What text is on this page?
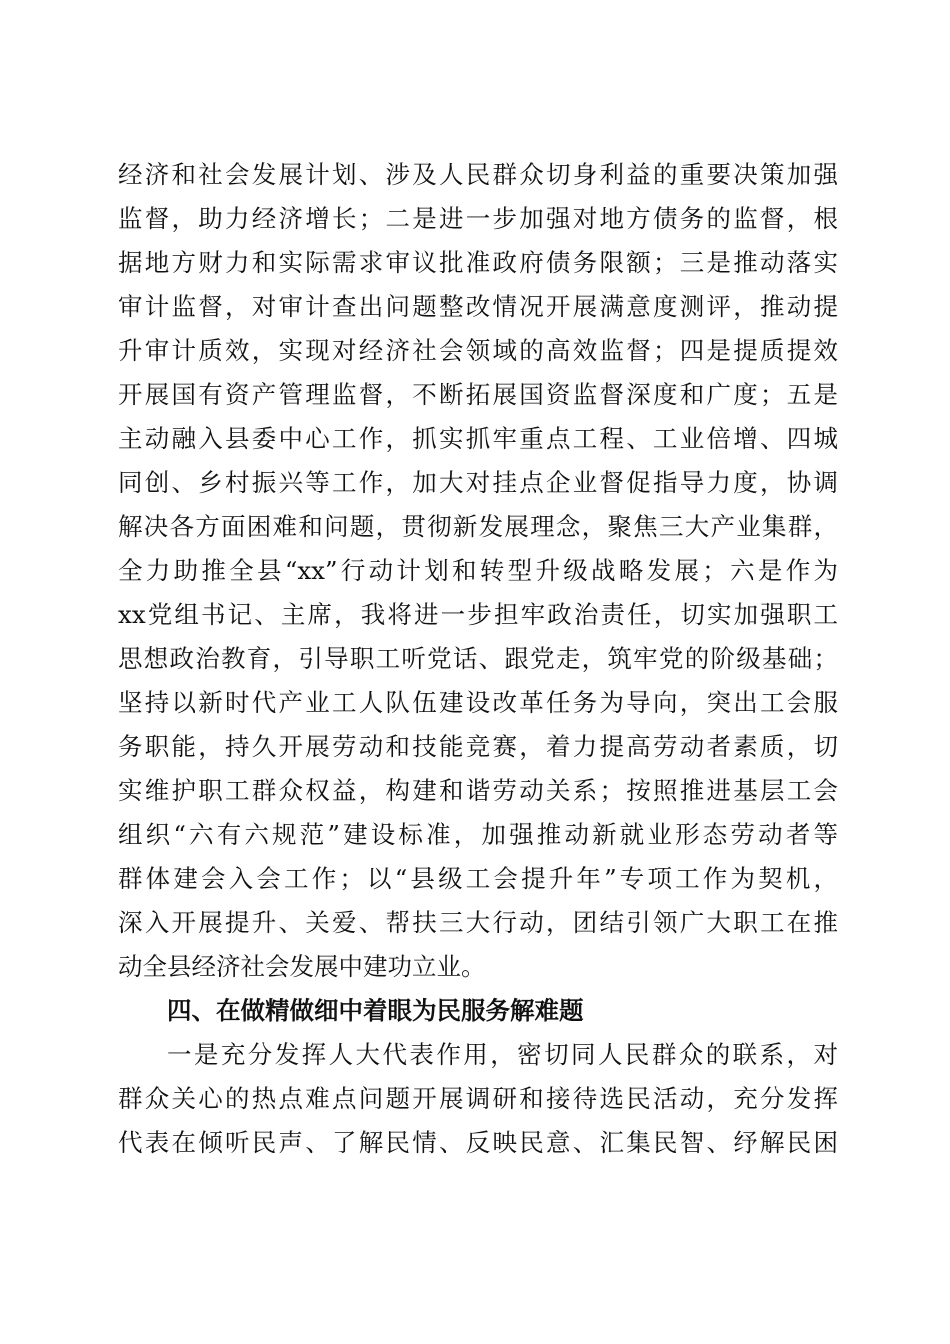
经济和社会发展计划、涉及人民群众切身利益的重要决策加强
监督，助力经济增长；二是进一步加强对地方债务的监督，根
据地方财力和实际需求审议批准政府债务限额；三是推动落实
审计监督，对审计查出问题整改情况开展满意度测评，推动提
升审计质效，实现对经济社会领域的高效监督；四是提质提效
开展国有资产管理监督，不断拓展国资监督深度和广度；五是
主动融入县委中心工作，抓实抓牢重点工程、工业倍增、四城
同创、乡村振兴等工作，加大对挂点企业督促指导力度，协调
解决各方面困难和问题，贯彻新发展理念，聚焦三大产业集群，
全力助推全县“xx”行动计划和转型升级战略发展；六是作为
xx党组书记、主席，我将进一步担牢政治责任，切实加强职工
思想政治教育，引导职工听党话、跟党走，筑牢党的阶级基础；
坚持以新时代产业工人队伍建设改革任务为导向，突出工会服
务职能，持久开展劳动和技能竞赛，着力提高劳动者素质，切
实维护职工群众权益，构建和谐劳动关系；按照推进基层工会
组织“六有六规范”建设标准，加强推动新就业形态劳动者等
群体建会入会工作；以“县级工会提升年”专项工作为契机，
深入开展提升、关爱、帮扶三大行动，团结引领广大职工在推
动全县经济社会发展中建功立业。
四、在做精做细中着眼为民服务解难题
一是充分发挥人大代表作用，密切同人民群众的联系，对
群众关心的热点难点问题开展调研和接待选民活动，充分发挥
代表在倾听民声、了解民情、反映民意、汇集民智、纾解民困
